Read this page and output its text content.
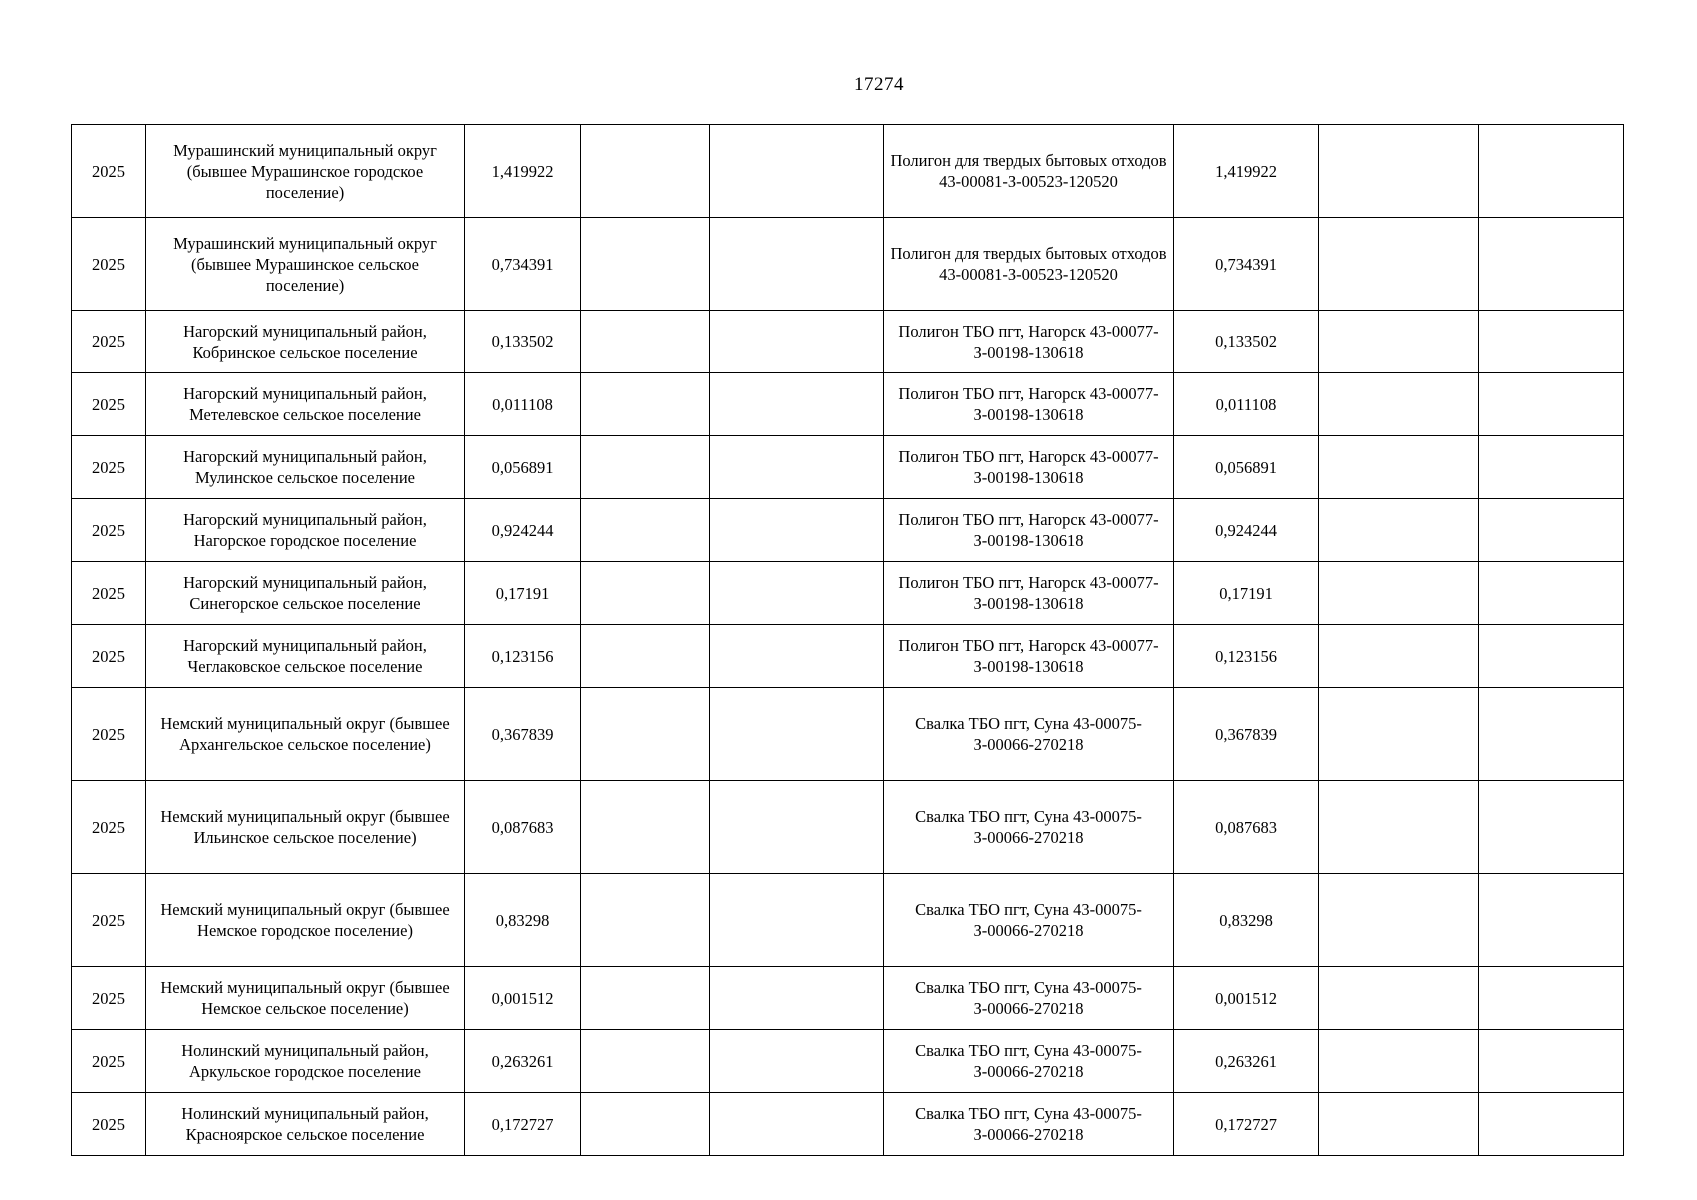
17274
2025	Мурашинский муниципальный округ (бывшее Мурашинское городское поселение)	1,419922			Полигон для твердых бытовых отходов 43-00081-З-00523-120520	1,419922		
2025	Мурашинский муниципальный округ (бывшее Мурашинское сельское поселение)	0,734391			Полигон для твердых бытовых отходов 43-00081-З-00523-120520	0,734391		
2025	Нагорский муниципальный район, Кобринское сельское поселение	0,133502			Полигон ТБО пгт, Нагорск 43-00077-З-00198-130618	0,133502		
2025	Нагорский муниципальный район, Метелевское сельское поселение	0,011108			Полигон ТБО пгт, Нагорск 43-00077-З-00198-130618	0,011108		
2025	Нагорский муниципальный район, Мулинское сельское поселение	0,056891			Полигон ТБО пгт, Нагорск 43-00077-З-00198-130618	0,056891		
2025	Нагорский муниципальный район, Нагорское городское поселение	0,924244			Полигон ТБО пгт, Нагорск 43-00077-З-00198-130618	0,924244		
2025	Нагорский муниципальный район, Синегорское сельское поселение	0,17191			Полигон ТБО пгт, Нагорск 43-00077-З-00198-130618	0,17191		
2025	Нагорский муниципальный район, Чеглаковское сельское поселение	0,123156			Полигон ТБО пгт, Нагорск 43-00077-З-00198-130618	0,123156		
2025	Немский муниципальный округ (бывшее Архангельское сельское поселение)	0,367839			Свалка ТБО пгт, Суна 43-00075-З-00066-270218	0,367839		
2025	Немский муниципальный округ (бывшее Ильинское сельское поселение)	0,087683			Свалка ТБО пгт, Суна 43-00075-З-00066-270218	0,087683		
2025	Немский муниципальный округ (бывшее Немское городское поселение)	0,83298			Свалка ТБО пгт, Суна 43-00075-З-00066-270218	0,83298		
2025	Немский муниципальный округ (бывшее Немское сельское поселение)	0,001512			Свалка ТБО пгт, Суна 43-00075-З-00066-270218	0,001512		
2025	Нолинский муниципальный район, Аркульское городское поселение	0,263261			Свалка ТБО пгт, Суна 43-00075-З-00066-270218	0,263261		
2025	Нолинский муниципальный район, Красноярское сельское поселение	0,172727			Свалка ТБО пгт, Суна 43-00075-З-00066-270218	0,172727		
